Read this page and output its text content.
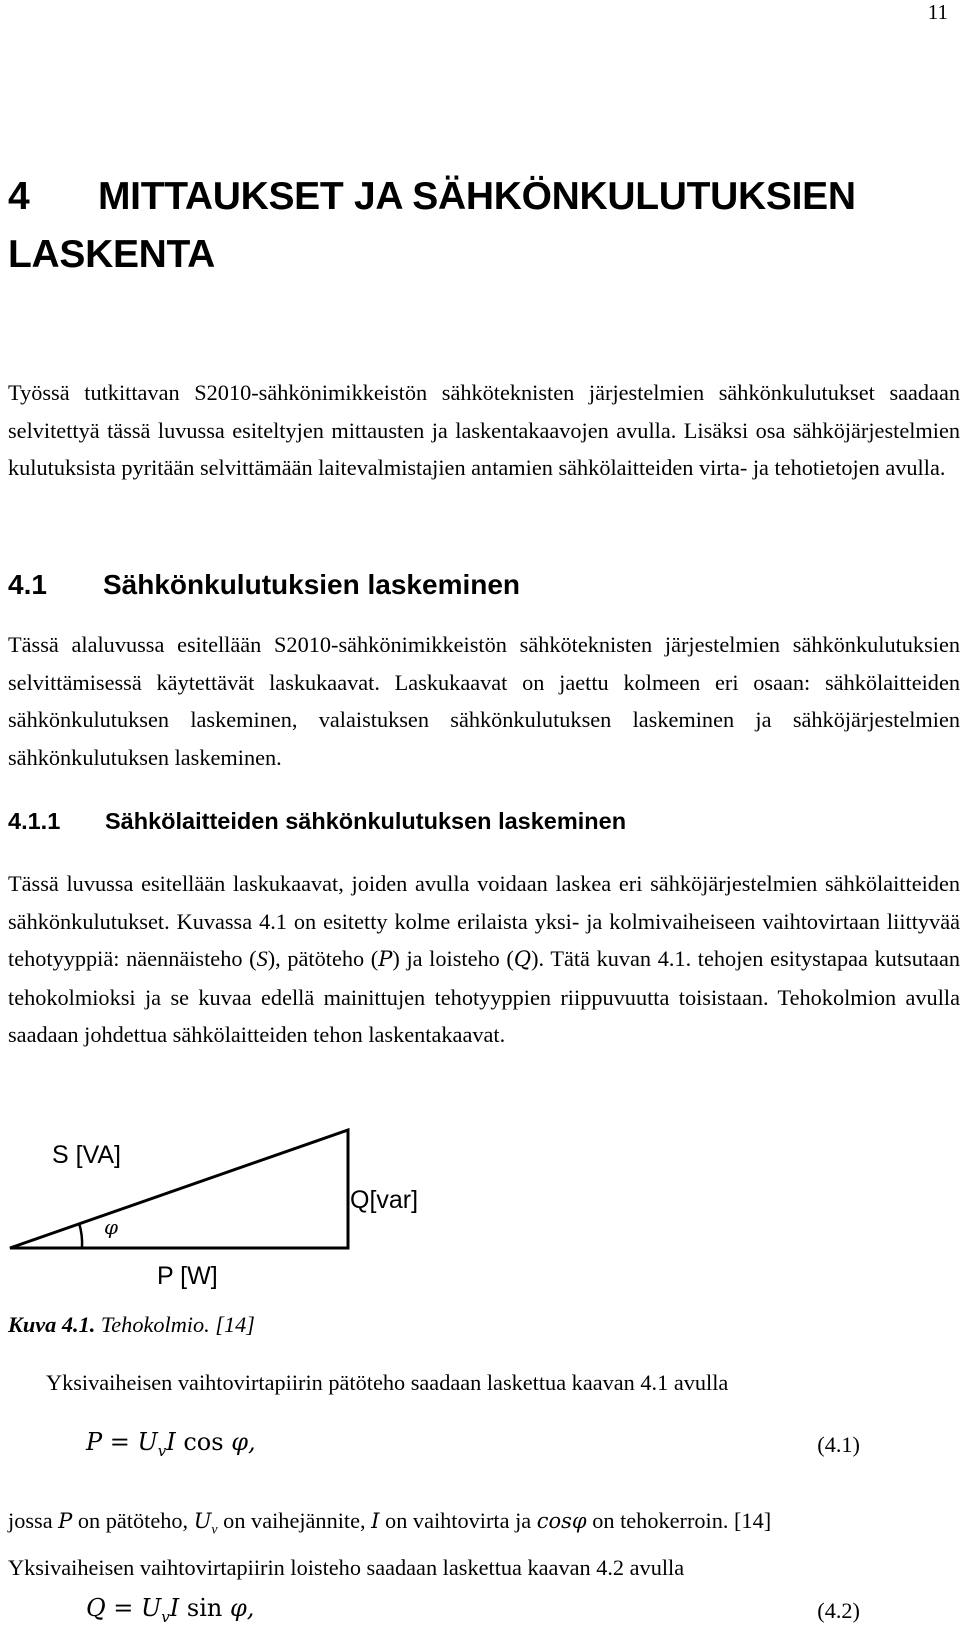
11
4 MITTAUKSET JA SÄHKÖNKULUTUKSIEN
LASKENTA
Työssä tutkittavan S2010-sähkönimikkeistön sähköteknisten järjestelmien sähkönkulutukset saadaan selvitettyä tässä luvussa esiteltyjen mittausten ja laskentakaavojen avulla. Lisäksi osa sähköjärjestelmien kulutuksista pyritään selvittämään laitevalmistajien antamien sähkölaitteiden virta- ja tehotietojen avulla.
4.1 Sähkönkulutuksien laskeminen
Tässä alaluvussa esitellään S2010-sähkönimikkeistön sähköteknisten järjestelmien sähkönkulutuksien selvittämisessä käytettävät laskukaavat. Laskukaavat on jaettu kolmeen eri osaan: sähkölaitteiden sähkönkulutuksen laskeminen, valaistuksen sähkönkulutuksen laskeminen ja sähköjärjestelmien sähkönkulutuksen laskeminen.
4.1.1 Sähkölaitteiden sähkönkulutuksen laskeminen
Tässä luvussa esitellään laskukaavat, joiden avulla voidaan laskea eri sähköjärjestelmien sähkölaitteiden sähkönkulutukset. Kuvassa 4.1 on esitetty kolme erilaista yksi- ja kolmivaiheiseen vaihtovirtaan liittyvää tehotyyppiä: näennäisteho (S), pätöteho (P) ja loisteho (Q). Tätä kuvan 4.1. tehojen esitystapaa kutsutaan tehokolmioksi ja se kuvaa edellä mainittujen tehotyyppien riippuvuutta toisistaan. Tehokolmion avulla saadaan johdettua sähkölaitteiden tehon laskentakaavat.
S [VA]
Q[var]
P [W]
φ
Kuva 4.1. Tehokolmio. [14]
Yksivaiheisen vaihtovirtapiirin pätöteho saadaan laskettua kaavan 4.1 avulla
$P = U_vI$ cos φ,	(4.1)
jossa P on pätöteho, $U_v$ on vaihejännite, I on vaihtovirta ja cosφ on tehokerroin. [14]
Yksivaiheisen vaihtovirtapiirin loisteho saadaan laskettua kaavan 4.2 avulla
$Q = U_vI$ sin φ,	(4.2)
